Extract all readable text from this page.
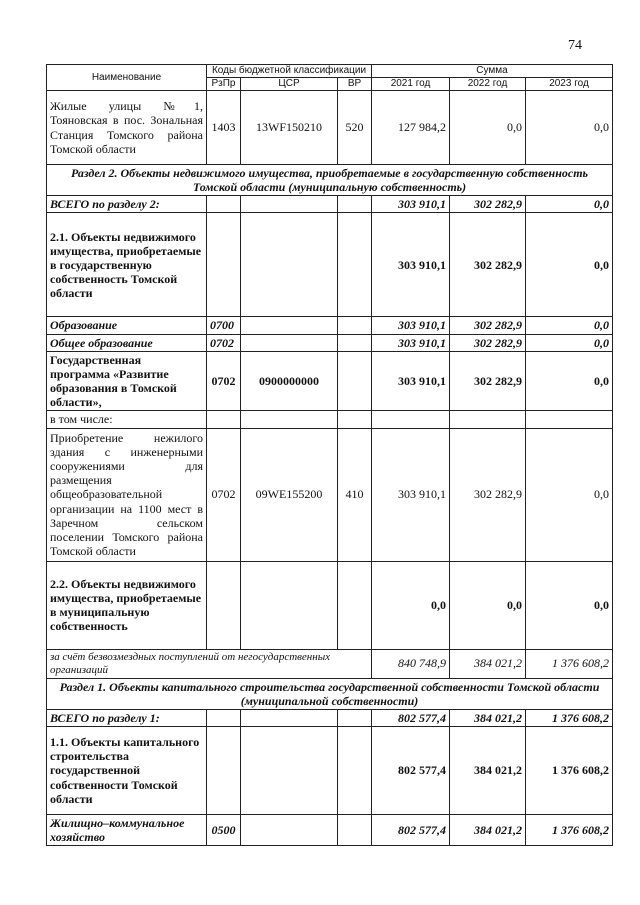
74
Наименование	Коды бюджетной классификации			Сумма		
	РзПр	ЦСР	ВР	2021 год	2022 год	2023 год
Жилые улицы №1, Тояновская в пос. Зональная Станция Томского района Томской области	1403	13WF150210	520	127 984,2	0,0	0,0
Раздел 2. Объекты недвижимого имущества, приобретаемые в государственную собственность Томской области (муниципальную собственность)						
ВСЕГО по разделу 2:				303 910,1	302 282,9	0,0
2.1. Объекты недвижимого имущества, приобретаемые в государственную собственность Томской области				303 910,1	302 282,9	0,0
Образование	0700			303 910,1	302 282,9	0,0
Общее образование	0702			303 910,1	302 282,9	0,0
Государственная программа «Развитие образования в Томской области»,	0702	0900000000		303 910,1	302 282,9	0,0
в том числе:						
Приобретение нежилого здания с инженерными сооружениями для размещения общеобразовательной организации на 1100 мест в Заречном сельском поселении Томского района Томской области	0702	09WE155200	410	303 910,1	302 282,9	0,0
2.2. Объекты недвижимого имущества, приобретаемые в муниципальную собственность				0,0	0,0	0,0
за счёт безвозмездных поступлений от негосударственных организаций				840 748,9	384 021,2	1 376 608,2
Раздел 1. Объекты капитального строительства государственной собственности Томской области (муниципальной собственности)						
ВСЕГО по разделу 1:				802 577,4	384 021,2	1 376 608,2
1.1. Объекты капитального строительства государственной собственности Томской области				802 577,4	384 021,2	1 376 608,2
Жилищно–коммунальное хозяйство	0500			802 577,4	384 021,2	1 376 608,2
